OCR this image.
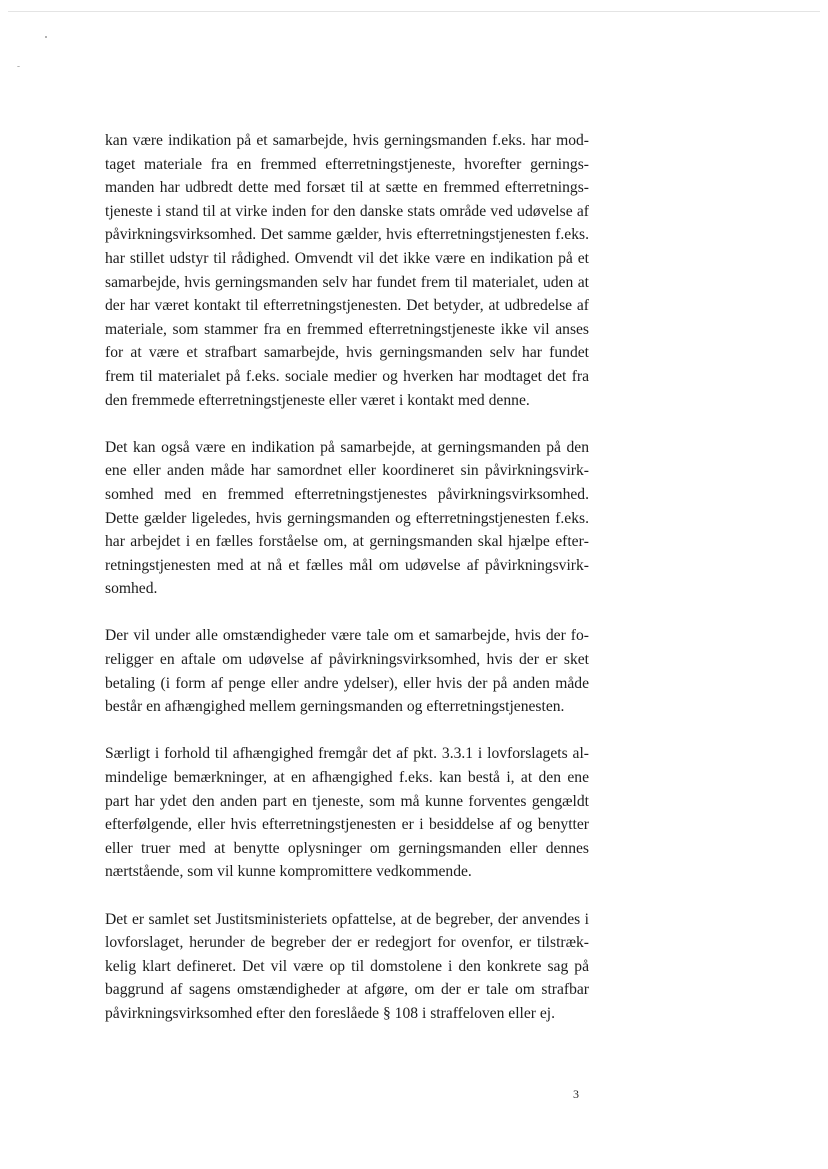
kan være indikation på et samarbejde, hvis gerningsmanden f.eks. har modtaget materiale fra en fremmed efterretningstjeneste, hvorefter gerningsmanden har udbredt dette med forsæt til at sætte en fremmed efterretningstjeneste i stand til at virke inden for den danske stats område ved udøvelse af påvirkningsvirksomhed. Det samme gælder, hvis efterretningstjenesten f.eks. har stillet udstyr til rådighed. Omvendt vil det ikke være en indikation på et samarbejde, hvis gerningsmanden selv har fundet frem til materialet, uden at der har været kontakt til efterretningstjenesten. Det betyder, at udbredelse af materiale, som stammer fra en fremmed efterretningstjeneste ikke vil anses for at være et strafbart samarbejde, hvis gerningsmanden selv har fundet frem til materialet på f.eks. sociale medier og hverken har modtaget det fra den fremmede efterretningstjeneste eller været i kontakt med denne.

Det kan også være en indikation på samarbejde, at gerningsmanden på den ene eller anden måde har samordnet eller koordineret sin påvirkningsvirksomhed med en fremmed efterretningstjenestes påvirkningsvirksomhed. Dette gælder ligeledes, hvis gerningsmanden og efterretningstjenesten f.eks. har arbejdet i en fælles forståelse om, at gerningsmanden skal hjælpe efterretningstjenesten med at nå et fælles mål om udøvelse af påvirkningsvirksomhed.

Der vil under alle omstændigheder være tale om et samarbejde, hvis der foreligger en aftale om udøvelse af påvirkningsvirksomhed, hvis der er sket betaling (i form af penge eller andre ydelser), eller hvis der på anden måde består en afhængighed mellem gerningsmanden og efterretningstjenesten.

Særligt i forhold til afhængighed fremgår det af pkt. 3.3.1 i lovforslagets almindelige bemærkninger, at en afhængighed f.eks. kan bestå i, at den ene part har ydet den anden part en tjeneste, som må kunne forventes gengældt efterfølgende, eller hvis efterretningstjenesten er i besiddelse af og benytter eller truer med at benytte oplysninger om gerningsmanden eller dennes nærtstående, som vil kunne kompromittere vedkommende.

Det er samlet set Justitsministeriets opfattelse, at de begreber, der anvendes i lovforslaget, herunder de begreber der er redegjort for ovenfor, er tilstrækkelig klart defineret. Det vil være op til domstolene i den konkrete sag på baggrund af sagens omstændigheder at afgøre, om der er tale om strafbar påvirkningsvirksomhed efter den foreslåede § 108 i straffeloven eller ej.

3
